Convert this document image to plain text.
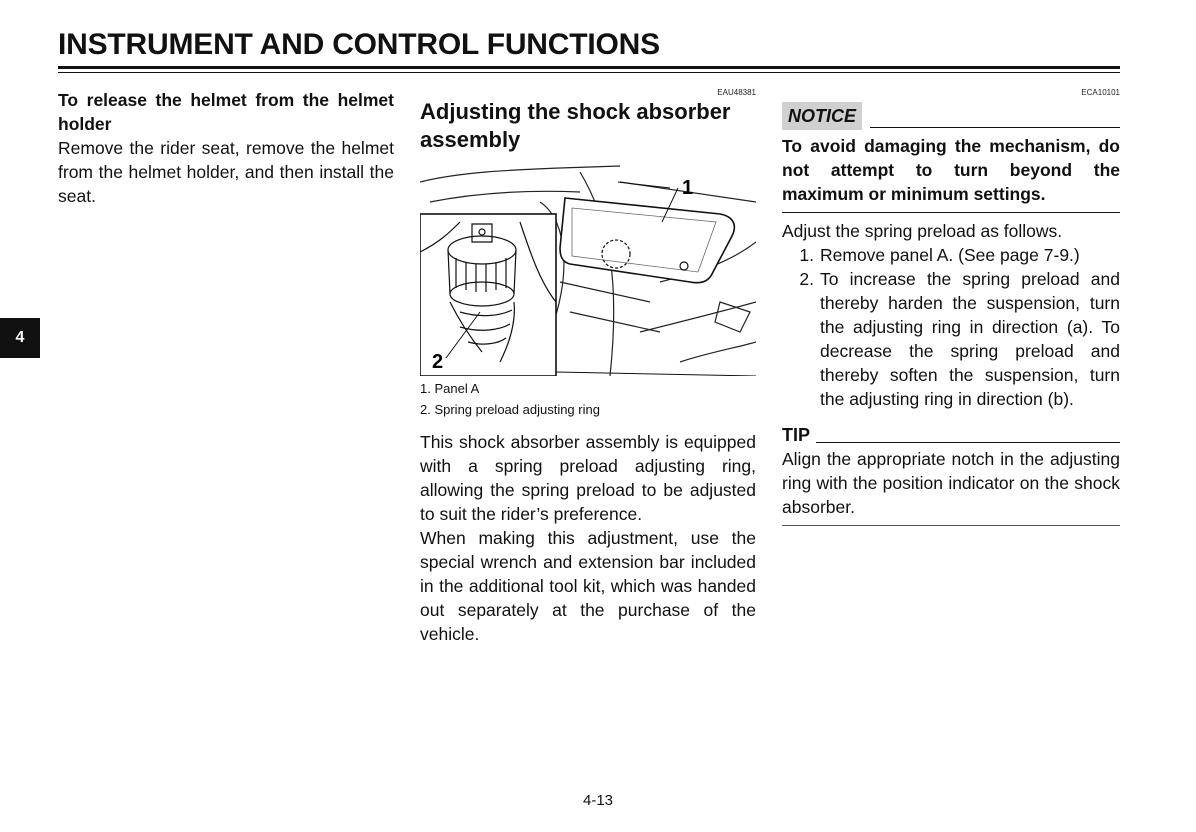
INSTRUMENT AND CONTROL FUNCTIONS
4

To release the helmet from the helmet holder

Remove the rider seat, remove the helmet from the helmet holder, and then install the seat.

EAU48381
Adjusting the shock absorber assembly
1
2
1. Panel A
2. Spring preload adjusting ring

This shock absorber assembly is equipped with a spring preload adjusting ring, allowing the spring preload to be adjusted to suit the rider’s preference.

When making this adjustment, use the special wrench and extension bar included in the additional tool kit, which was handed out separately at the purchase of the vehicle.

ECA10101
NOTICE

To avoid damaging the mechanism, do not attempt to turn beyond the maximum or minimum settings.

Adjust the spring preload as follows.
1. Remove panel A. (See page 7-9.)
2. To increase the spring preload and thereby harden the suspension, turn the adjusting ring in direction (a). To decrease the spring preload and thereby soften the suspension, turn the adjusting ring in direction (b).
TIP

Align the appropriate notch in the adjusting ring with the position indicator on the shock absorber.

4-13
